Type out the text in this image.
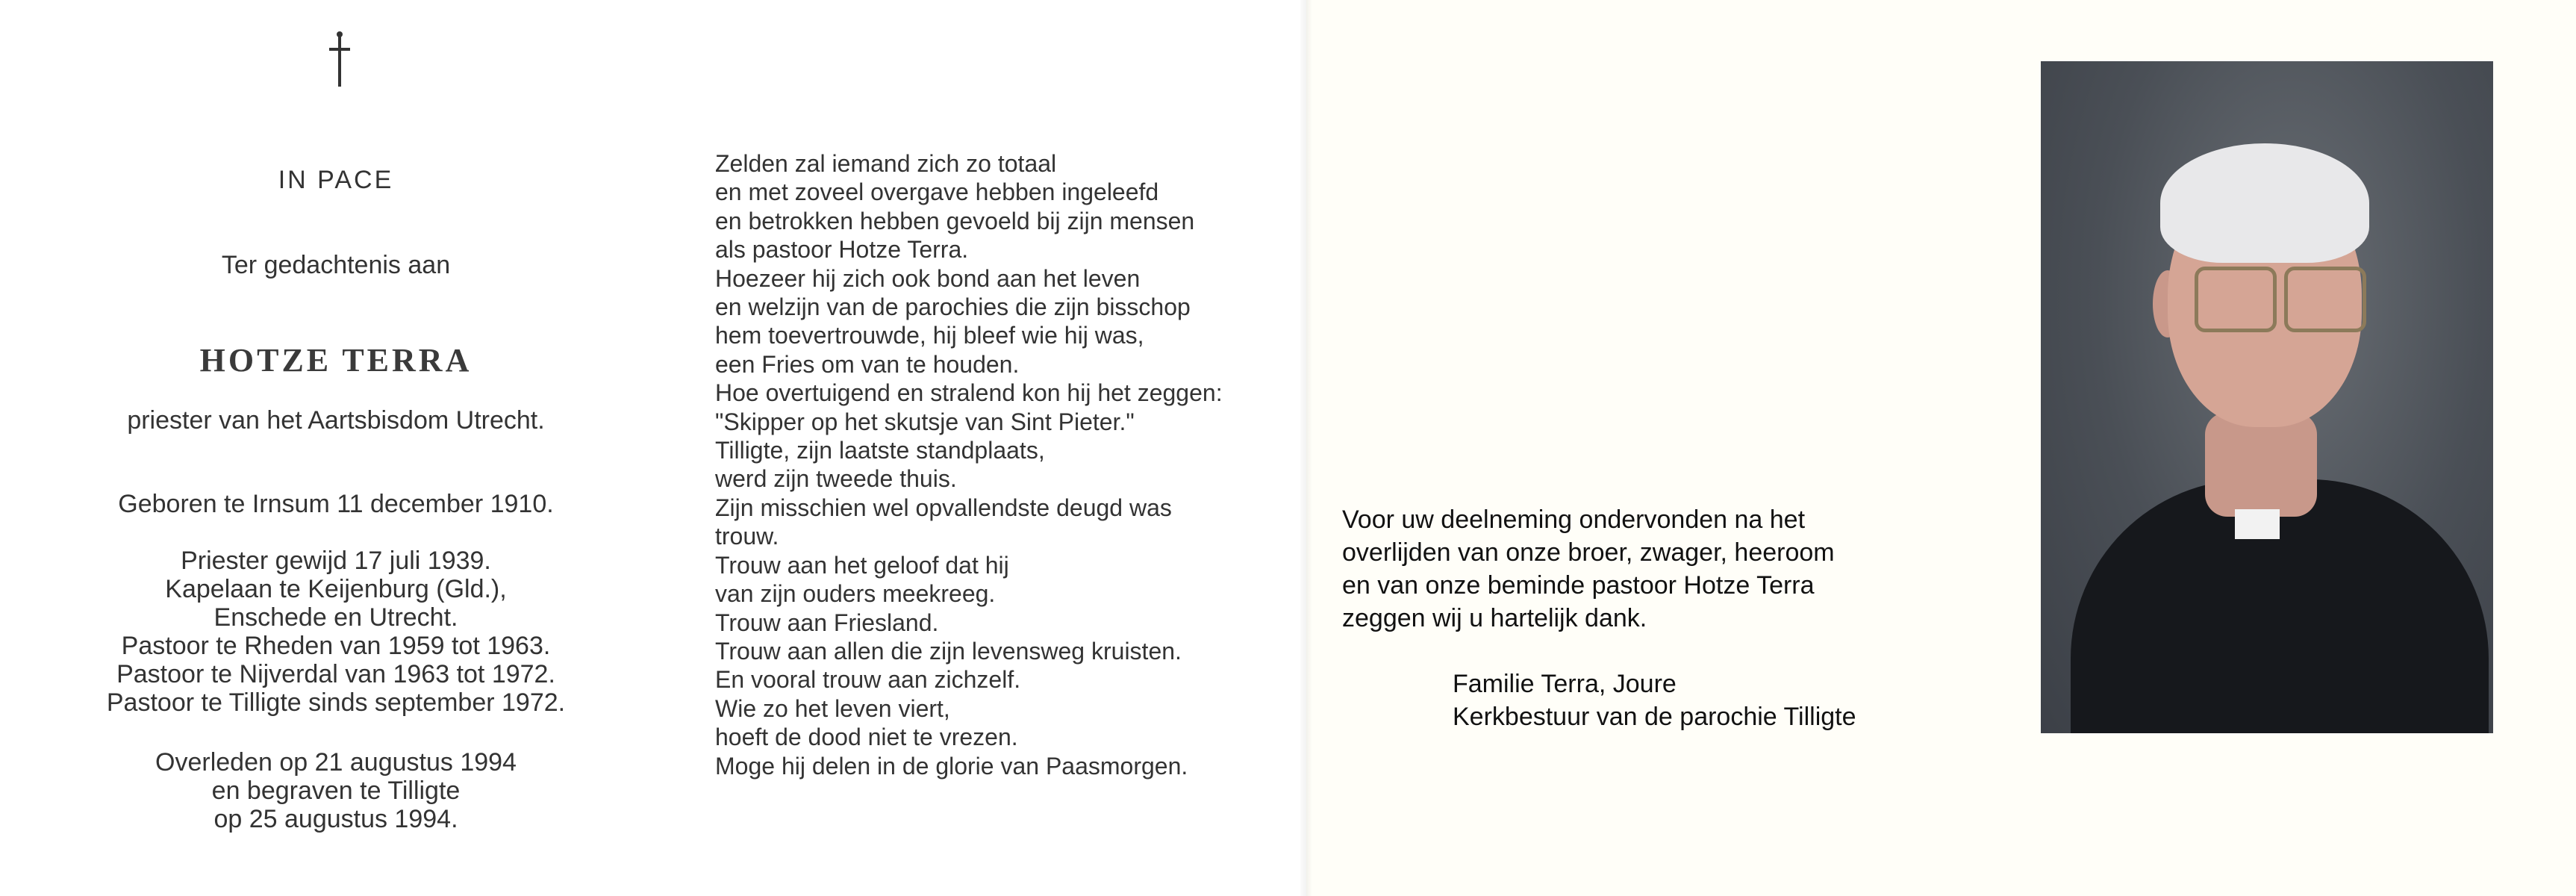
IN PACE
Ter gedachtenis aan
HOTZE TERRA
priester van het Aartsbisdom Utrecht.
Geboren te Irnsum 11 december 1910.
Priester gewijd 17 juli 1939.
Kapelaan te Keijenburg (Gld.),
Enschede en Utrecht.
Pastoor te Rheden van 1959 tot 1963.
Pastoor te Nijverdal van 1963 tot 1972.
Pastoor te Tilligte sinds september 1972.
Overleden op 21 augustus 1994
en begraven te Tilligte
op 25 augustus 1994.
Zelden zal iemand zich zo totaal
en met zoveel overgave hebben ingeleefd
en betrokken hebben gevoeld bij zijn mensen
als pastoor Hotze Terra.
Hoezeer hij zich ook bond aan het leven
en welzijn van de parochies die zijn bisschop
hem toevertrouwde, hij bleef wie hij was,
een Fries om van te houden.
Hoe overtuigend en stralend kon hij het zeggen:
"Skipper op het skutsje van Sint Pieter."
Tilligte, zijn laatste standplaats,
werd zijn tweede thuis.
Zijn misschien wel opvallendste deugd was
trouw.
Trouw aan het geloof dat hij
van zijn ouders meekreeg.
Trouw aan Friesland.
Trouw aan allen die zijn levensweg kruisten.
En vooral trouw aan zichzelf.
Wie zo het leven viert,
hoeft de dood niet te vrezen.
Moge hij delen in de glorie van Paasmorgen.
Voor uw deelneming ondervonden na het
overlijden van onze broer, zwager, heeroom
en van onze beminde pastoor Hotze Terra
zeggen wij u hartelijk dank.
Familie Terra, Joure
Kerkbestuur van de parochie Tilligte
